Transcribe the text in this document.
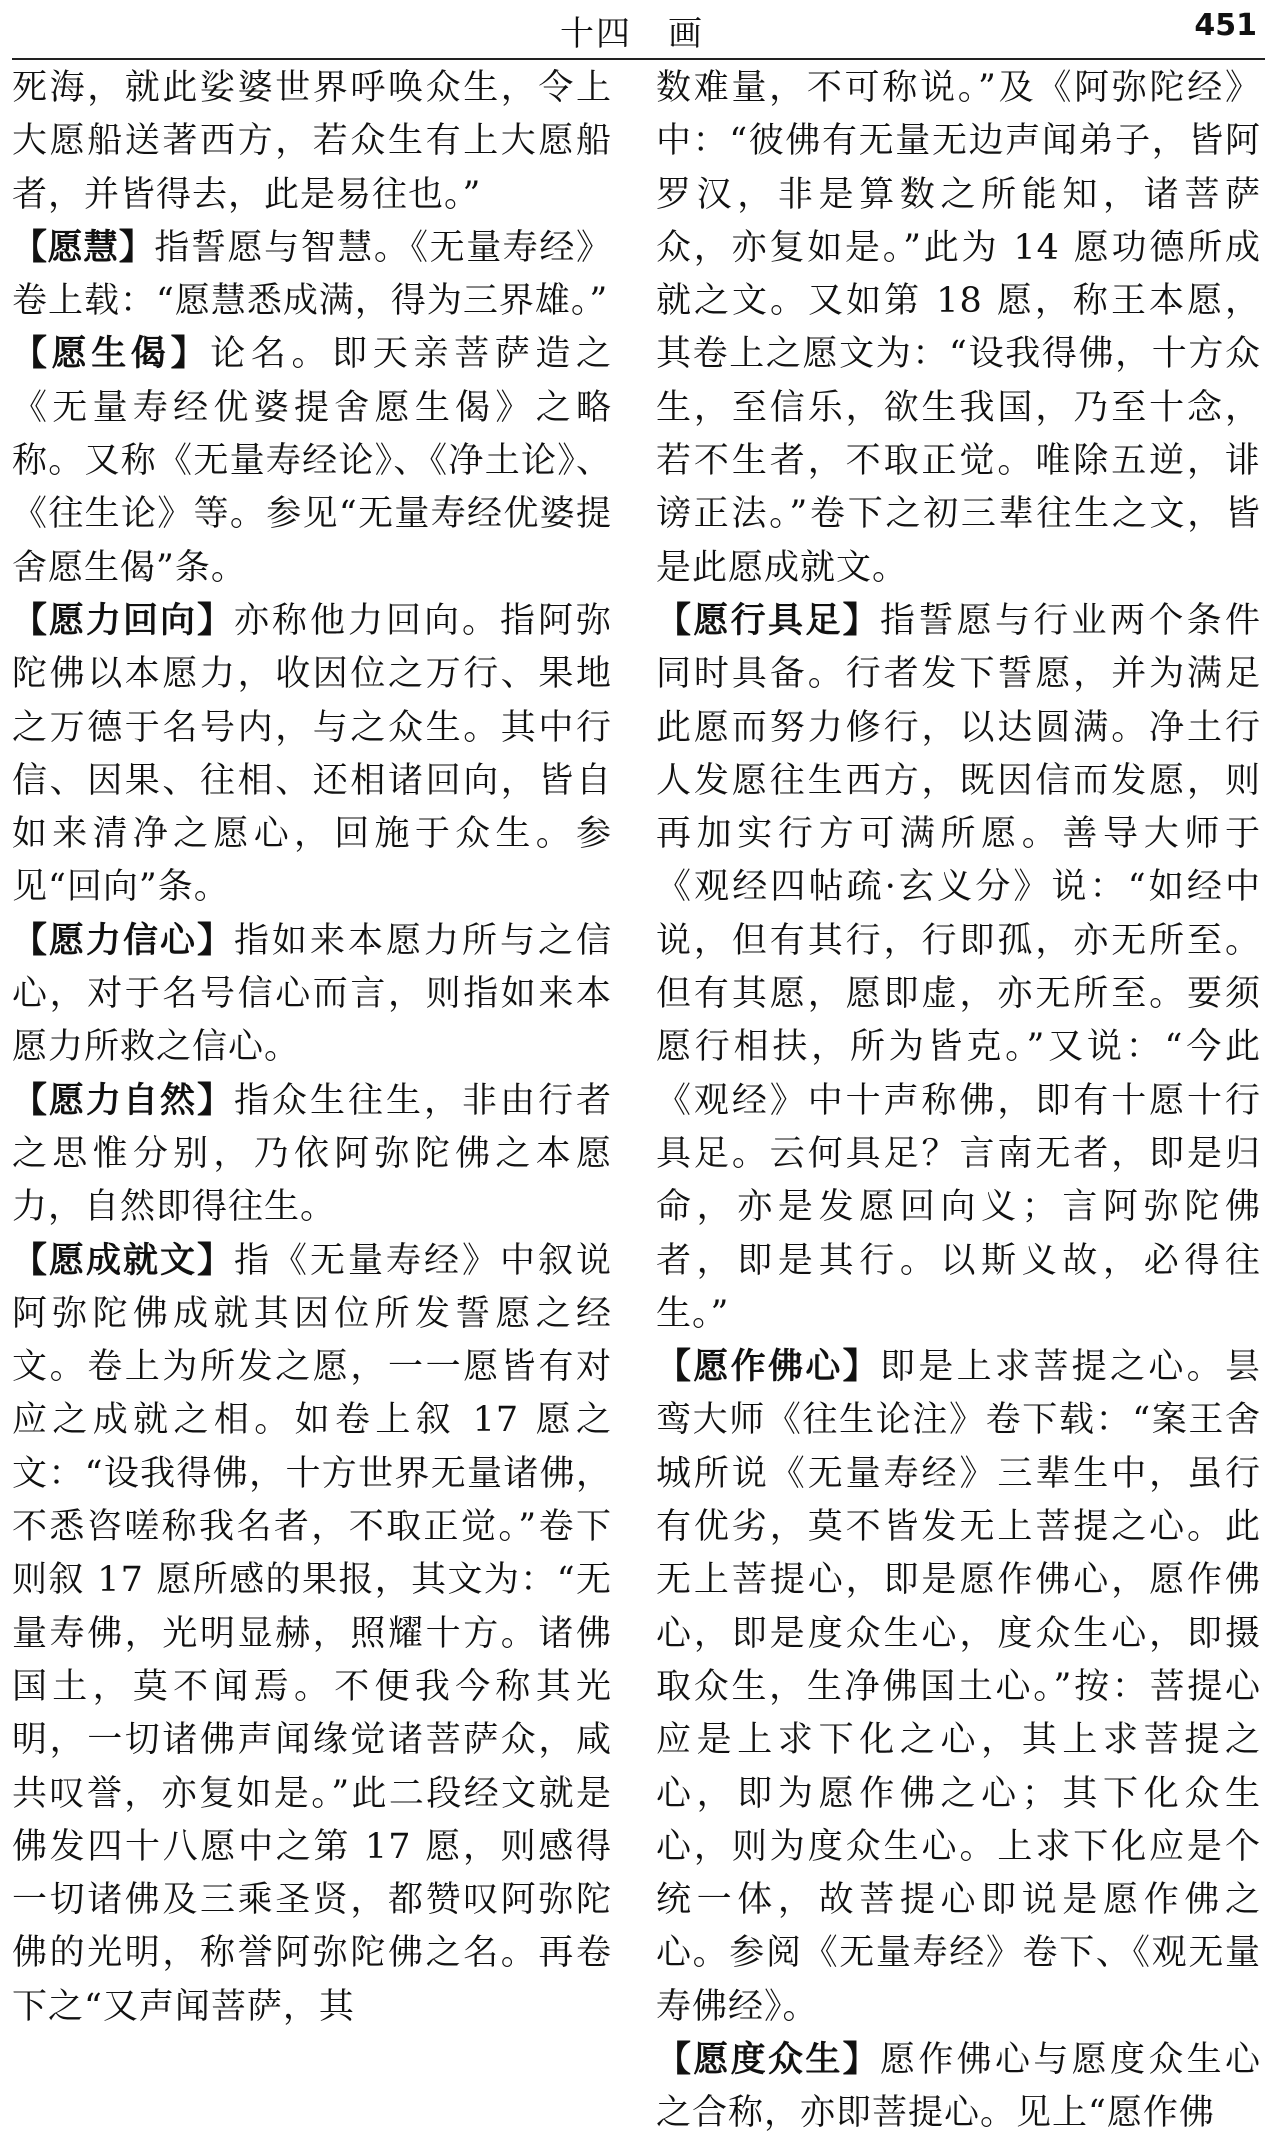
十四　画	451

死海，就此娑婆世界呼唤众生，令上大愿船送著西方，若众生有上大愿船者，并皆得去，此是易往也。”

【愿慧】指誓愿与智慧。《无量寿经》卷上载：“愿慧悉成满，得为三界雄。”

【愿生偈】论名。即天亲菩萨造之《无量寿经优婆提舍愿生偈》之略称。又称《无量寿经论》、《净土论》、《往生论》等。参见“无量寿经优婆提舍愿生偈”条。

【愿力回向】亦称他力回向。指阿弥陀佛以本愿力，收因位之万行、果地之万德于名号内，与之众生。其中行信、因果、往相、还相诸回向，皆自如来清净之愿心，回施于众生。参见“回向”条。

【愿力信心】指如来本愿力所与之信心，对于名号信心而言，则指如来本愿力所救之信心。

【愿力自然】指众生往生，非由行者之思惟分别，乃依阿弥陀佛之本愿力，自然即得往生。

【愿成就文】指《无量寿经》中叙说阿弥陀佛成就其因位所发誓愿之经文。卷上为所发之愿，一一愿皆有对应之成就之相。如卷上叙 17 愿之文：“设我得佛，十方世界无量诸佛，不悉咨嗟称我名者，不取正觉。”卷下则叙 17 愿所感的果报，其文为：“无量寿佛，光明显赫，照耀十方。诸佛国土，莫不闻焉。不便我今称其光明，一切诸佛声闻缘觉诸菩萨众，咸共叹誉，亦复如是。”此二段经文就是佛发四十八愿中之第 17 愿，则感得一切诸佛及三乘圣贤，都赞叹阿弥陀佛的光明，称誉阿弥陀佛之名。再卷下之“又声闻菩萨，其

数难量，不可称说。”及《阿弥陀经》中：“彼佛有无量无边声闻弟子，皆阿罗汉，非是算数之所能知，诸菩萨众，亦复如是。”此为 14 愿功德所成就之文。又如第 18 愿，称王本愿，其卷上之愿文为：“设我得佛，十方众生，至信乐，欲生我国，乃至十念，若不生者，不取正觉。唯除五逆，诽谤正法。”卷下之初三辈往生之文，皆是此愿成就文。

【愿行具足】指誓愿与行业两个条件同时具备。行者发下誓愿，并为满足此愿而努力修行，以达圆满。净土行人发愿往生西方，既因信而发愿，则再加实行方可满所愿。善导大师于《观经四帖疏·玄义分》说：“如经中说，但有其行，行即孤，亦无所至。但有其愿，愿即虚，亦无所至。要须愿行相扶，所为皆克。”又说：“今此《观经》中十声称佛，即有十愿十行具足。云何具足？言南无者，即是归命，亦是发愿回向义；言阿弥陀佛者，即是其行。以斯义故，必得往生。”

【愿作佛心】即是上求菩提之心。昙鸾大师《往生论注》卷下载：“案王舍城所说《无量寿经》三辈生中，虽行有优劣，莫不皆发无上菩提之心。此无上菩提心，即是愿作佛心，愿作佛心，即是度众生心，度众生心，即摄取众生，生净佛国土心。”按：菩提心应是上求下化之心，其上求菩提之心，即为愿作佛之心；其下化众生心，则为度众生心。上求下化应是个统一体，故菩提心即说是愿作佛之心。参阅《无量寿经》卷下、《观无量寿佛经》。

【愿度众生】愿作佛心与愿度众生心之合称，亦即菩提心。见上“愿作佛
